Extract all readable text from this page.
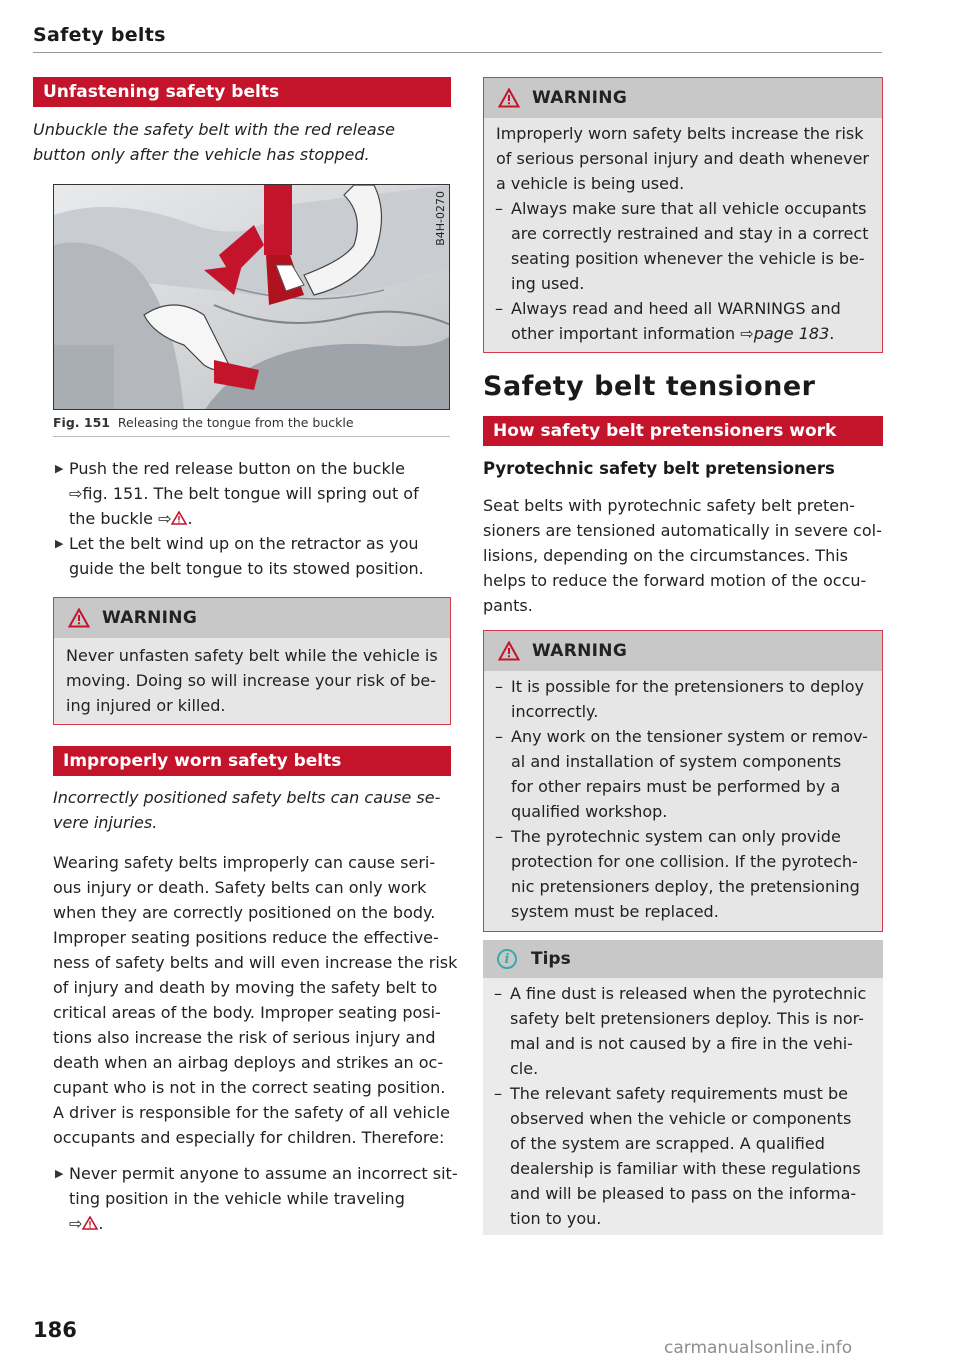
Safety belts
Unfastening safety belts
Unbuckle the safety belt with the red release
button only after the vehicle has stopped.
B4H-0270
Fig. 151 Releasing the tongue from the buckle
▶ Push the red release button on the buckle
⇨fig. 151. The belt tongue will spring out of
the buckle ⇨ .
▶ Let the belt wind up on the retractor as you
guide the belt tongue to its stowed position.
WARNING
Never unfasten safety belt while the vehicle is
moving. Doing so will increase your risk of be-
ing injured or killed.
Improperly worn safety belts
Incorrectly positioned safety belts can cause se-
vere injuries.
Wearing safety belts improperly can cause seri-
ous injury or death. Safety belts can only work
when they are correctly positioned on the body.
Improper seating positions reduce the effective-
ness of safety belts and will even increase the risk
of injury and death by moving the safety belt to
critical areas of the body. Improper seating posi-
tions also increase the risk of serious injury and
death when an airbag deploys and strikes an oc-
cupant who is not in the correct seating position.
A driver is responsible for the safety of all vehicle
occupants and especially for children. Therefore:
▶ Never permit anyone to assume an incorrect sit-
ting position in the vehicle while traveling
⇨ .
WARNING
Improperly worn safety belts increase the risk
of serious personal injury and death whenever
a vehicle is being used.
– Always make sure that all vehicle occupants
are correctly restrained and stay in a correct
seating position whenever the vehicle is be-
ing used.
– Always read and heed all WARNINGS and
other important information ⇨page 183.
Safety belt tensioner
How safety belt pretensioners work
Pyrotechnic safety belt pretensioners
Seat belts with pyrotechnic safety belt preten-
sioners are tensioned automatically in severe col-
lisions, depending on the circumstances. This
helps to reduce the forward motion of the occu-
pants.
WARNING
– It is possible for the pretensioners to deploy
incorrectly.
– Any work on the tensioner system or remov-
al and installation of system components
for other repairs must be performed by a
qualified workshop.
– The pyrotechnic system can only provide
protection for one collision. If the pyrotech-
nic pretensioners deploy, the pretensioning
system must be replaced.
i	Tips
– A fine dust is released when the pyrotechnic
safety belt pretensioners deploy. This is nor-
mal and is not caused by a fire in the vehi-
cle.
– The relevant safety requirements must be
observed when the vehicle or components
of the system are scrapped. A qualified
dealership is familiar with these regulations
and will be pleased to pass on the informa-
tion to you.
186
carmanualsonline.info
